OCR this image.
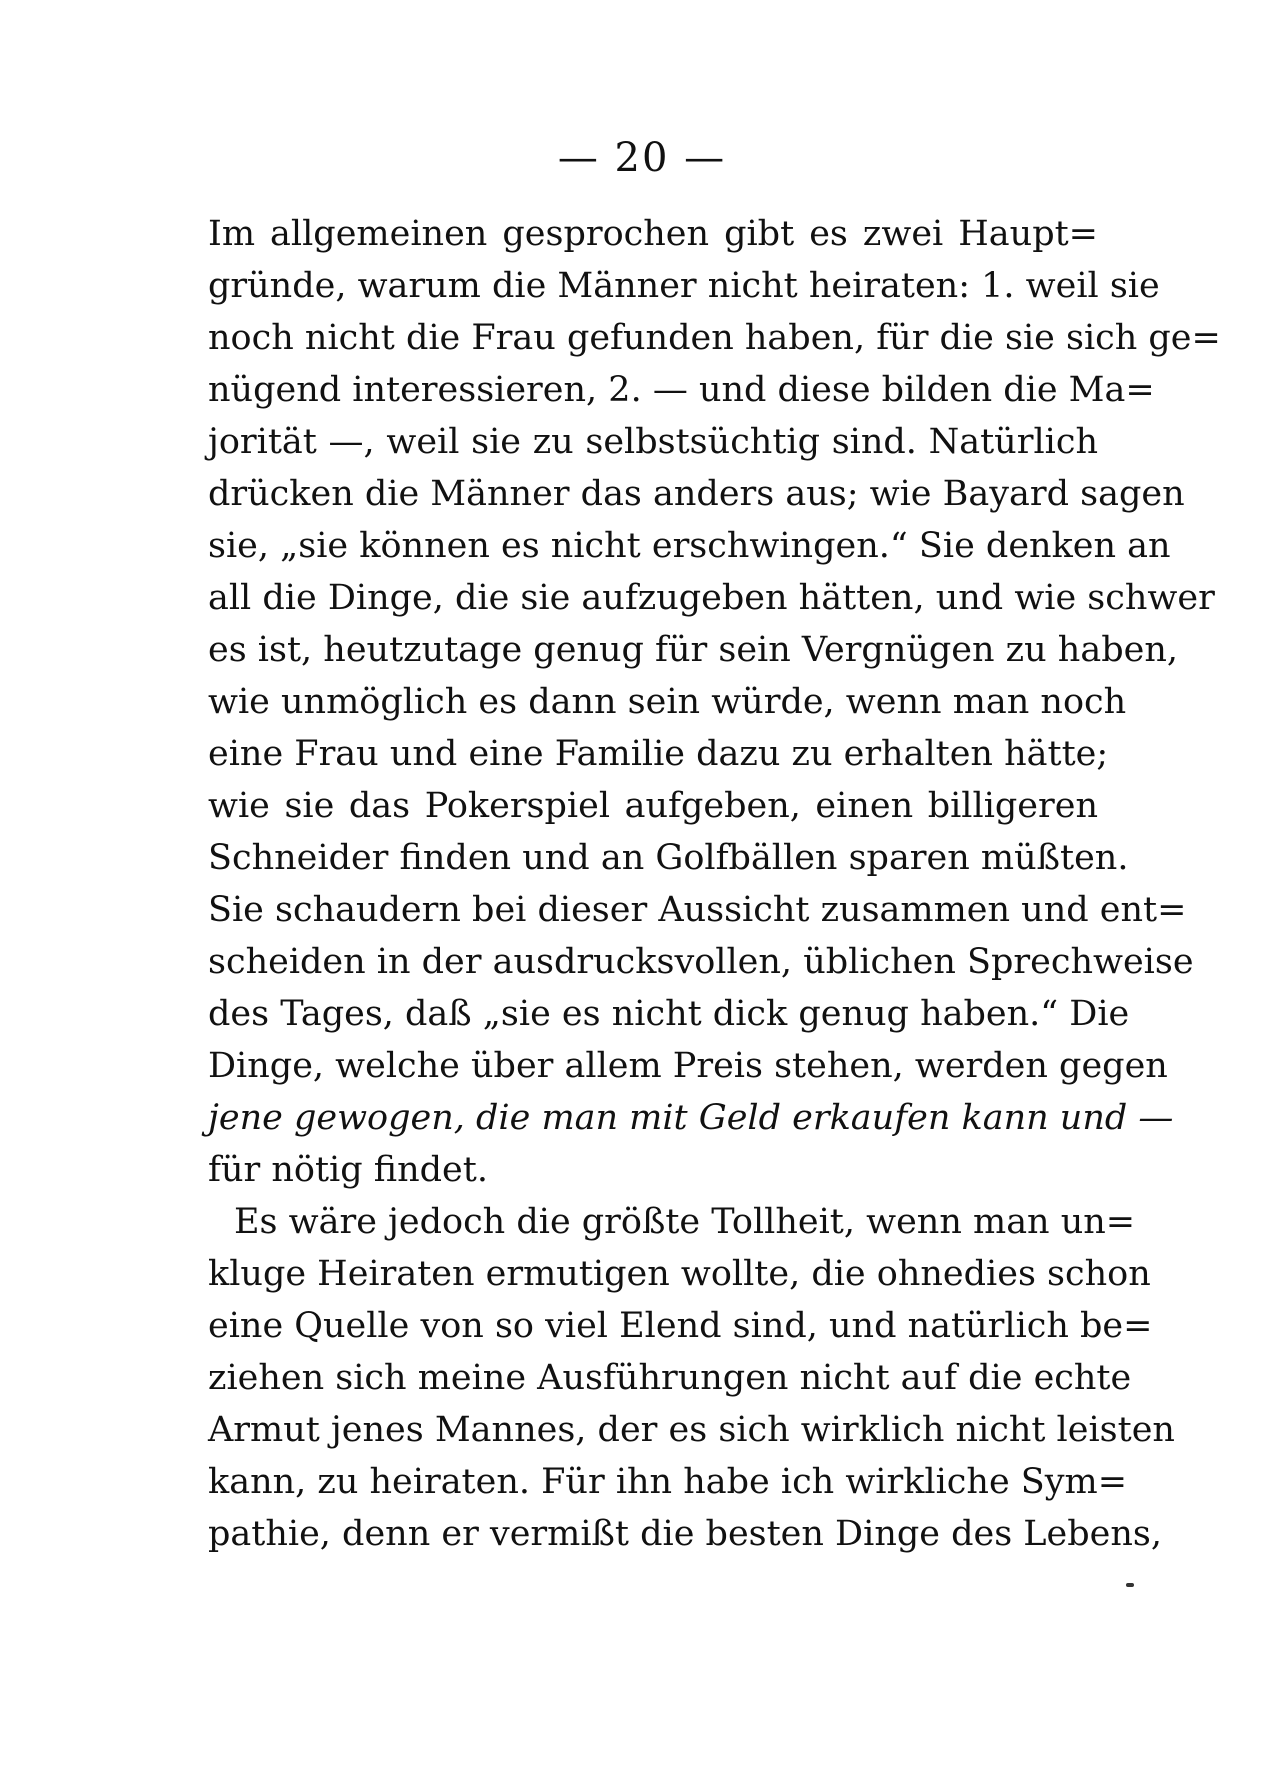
— 20 —
Im allgemeinen gesprochen gibt es zwei Haupt=
gründe, warum die Männer nicht heiraten: 1. weil sie
noch nicht die Frau gefunden haben, für die sie sich ge=
nügend interessieren, 2. — und diese bilden die Ma=
jorität —, weil sie zu selbstsüchtig sind. Natürlich
drücken die Männer das anders aus; wie Bayard sagen
sie, „sie können es nicht erschwingen.“ Sie denken an
all die Dinge, die sie aufzugeben hätten, und wie schwer
es ist, heutzutage genug für sein Vergnügen zu haben,
wie unmöglich es dann sein würde, wenn man noch
eine Frau und eine Familie dazu zu erhalten hätte;
wie sie das Pokerspiel aufgeben, einen billigeren
Schneider finden und an Golfbällen sparen müßten.
Sie schaudern bei dieser Aussicht zusammen und ent=
scheiden in der ausdrucksvollen, üblichen Sprechweise
des Tages, daß „sie es nicht dick genug haben.“ Die
Dinge, welche über allem Preis stehen, werden gegen
jene gewogen, die man mit Geld erkaufen kann und —
für nötig findet.
Es wäre jedoch die größte Tollheit, wenn man un=
kluge Heiraten ermutigen wollte, die ohnedies schon
eine Quelle von so viel Elend sind, und natürlich be=
ziehen sich meine Ausführungen nicht auf die echte
Armut jenes Mannes, der es sich wirklich nicht leisten
kann, zu heiraten. Für ihn habe ich wirkliche Sym=
pathie, denn er vermißt die besten Dinge des Lebens,
